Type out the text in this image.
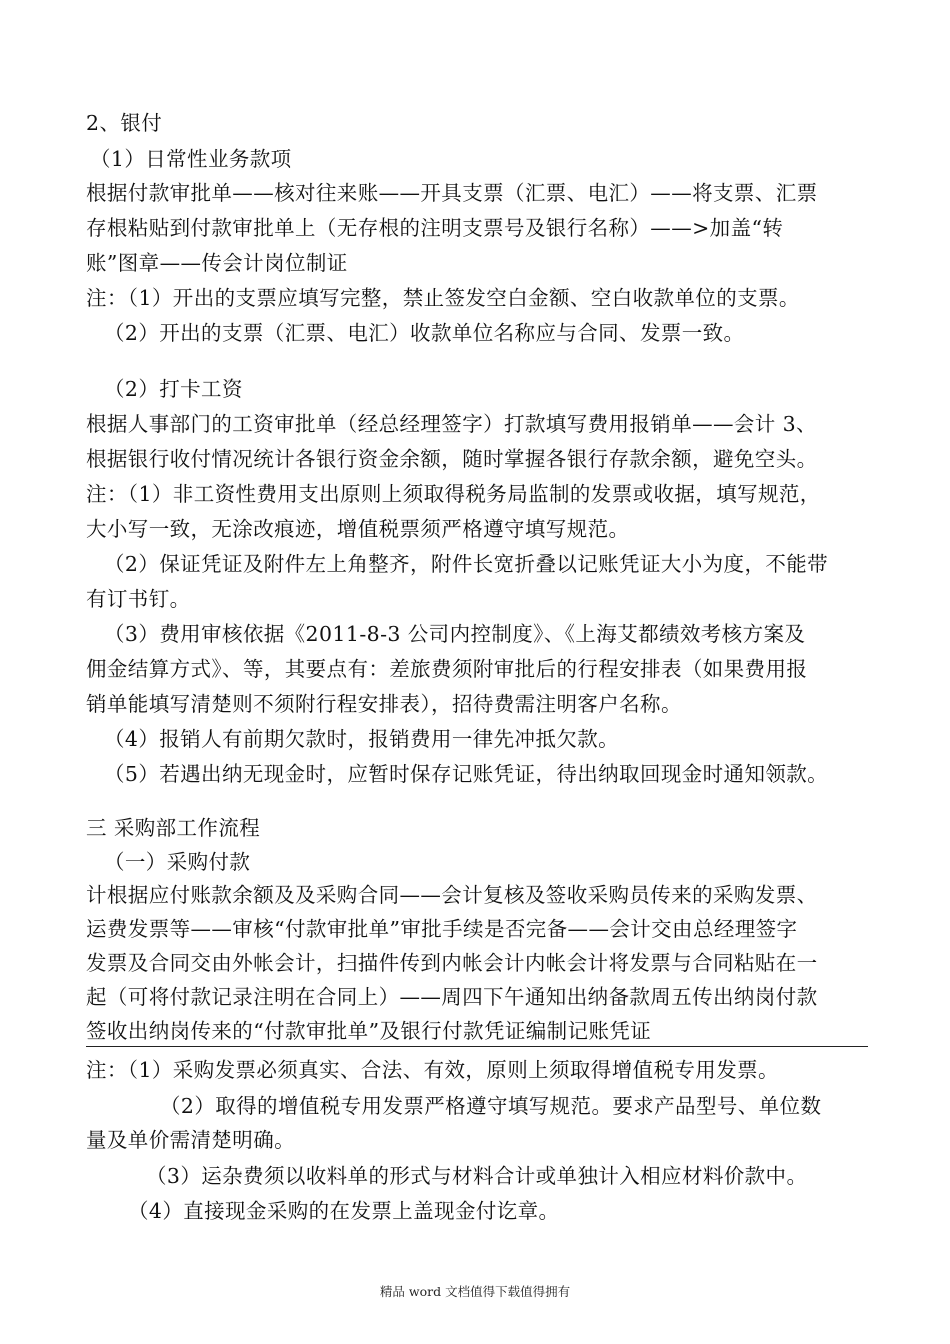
2、银付
（1）日常性业务款项
根据付款审批单——核对往来账——开具支票（汇票、电汇）——将支票、汇票
存根粘贴到付款审批单上（无存根的注明支票号及银行名称）——>加盖“转
账”图章——传会计岗位制证
注：（1）开出的支票应填写完整，禁止签发空白金额、空白收款单位的支票。
（2）开出的支票（汇票、电汇）收款单位名称应与合同、发票一致。
（2）打卡工资
根据人事部门的工资审批单（经总经理签字）打款填写费用报销单——会计 3、
根据银行收付情况统计各银行资金余额，随时掌握各银行存款余额，避免空头。
注：（1）非工资性费用支出原则上须取得税务局监制的发票或收据，填写规范，
大小写一致，无涂改痕迹，增值税票须严格遵守填写规范。
（2）保证凭证及附件左上角整齐，附件长宽折叠以记账凭证大小为度，不能带
有订书钉。
（3）费用审核依据《2011-8-3 公司内控制度》、《上海艾都绩效考核方案及
佣金结算方式》、等，其要点有：差旅费须附审批后的行程安排表（如果费用报
销单能填写清楚则不须附行程安排表），招待费需注明客户名称。
（4）报销人有前期欠款时，报销费用一律先冲抵欠款。
（5）若遇出纳无现金时，应暂时保存记账凭证，待出纳取回现金时通知领款。
三 采购部工作流程
（一）采购付款
计根据应付账款余额及及采购合同——会计复核及签收采购员传来的采购发票、
运费发票等——审核“付款审批单”审批手续是否完备——会计交由总经理签字
发票及合同交由外帐会计，扫描件传到内帐会计内帐会计将发票与合同粘贴在一
起（可将付款记录注明在合同上）——周四下午通知出纳备款周五传出纳岗付款
签收出纳岗传来的“付款审批单”及银行付款凭证编制记账凭证
注：（1）采购发票必须真实、合法、有效，原则上须取得增值税专用发票。
（2）取得的增值税专用发票严格遵守填写规范。要求产品型号、单位数
量及单价需清楚明确。
（3）运杂费须以收料单的形式与材料合计或单独计入相应材料价款中。
（4）直接现金采购的在发票上盖现金付讫章。
精品 word 文档值得下载值得拥有
